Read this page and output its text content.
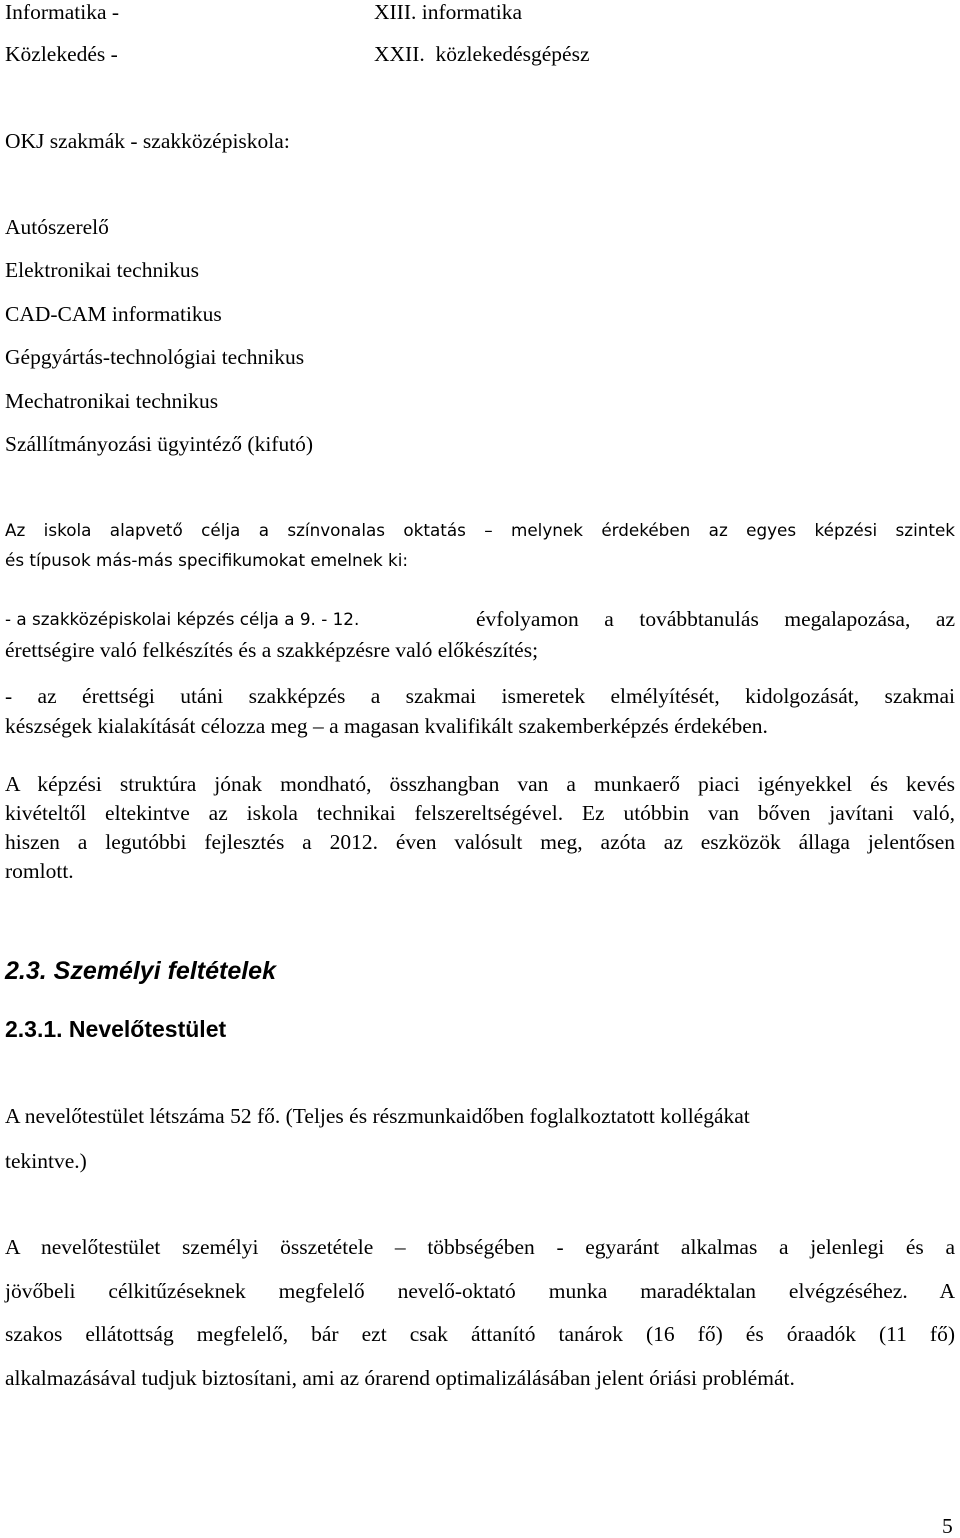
Informatika -	XIII. informatika
Közlekedés -	XXII.  közlekedésgépész
OKJ szakmák - szakközépiskola:
Autószerelő
Elektronikai technikus
CAD-CAM informatikus
Gépgyártás-technológiai technikus
Mechatronikai technikus
Szállítmányozási ügyintéző (kifutó)
Az iskola alapvető célja a színvonalas oktatás – melynek érdekében az egyes képzési szintek
és típusok más-más specifikumokat emelnek ki:
- a szakközépiskolai képzés célja a 9. - 12.	évfolyamon a továbbtanulás megalapozása, az
érettségire való felkészítés és a szakképzésre való előkészítés;
- az érettségi utáni szakképzés a szakmai ismeretek elmélyítését, kidolgozását, szakmai
készségek kialakítását célozza meg – a magasan kvalifikált szakemberképzés érdekében.
A képzési struktúra jónak mondható, összhangban van a munkaerő piaci igényekkel és kevés
kivételtől eltekintve az iskola technikai felszereltségével. Ez utóbbin van bőven javítani való,
hiszen a legutóbbi fejlesztés a 2012. éven valósult meg, azóta az eszközök állaga jelentősen
romlott.
2.3. Személyi feltételek
2.3.1. Nevelőtestület
A nevelőtestület létszáma 52 fő. (Teljes és részmunkaidőben foglalkoztatott kollégákat
tekintve.)
A nevelőtestület személyi összetétele – többségében - egyaránt alkalmas a jelenlegi és a
jövőbeli célkitűzéseknek megfelelő nevelő-oktató munka maradéktalan elvégzéséhez. A
szakos ellátottság megfelelő, bár ezt csak áttanító tanárok (16 fő) és óraadók (11 fő)
alkalmazásával tudjuk biztosítani, ami az órarend optimalizálásában jelent óriási problémát.
5
